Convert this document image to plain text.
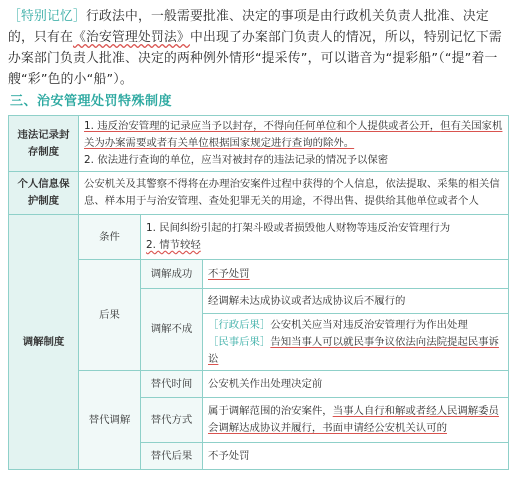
［特别记忆］行政法中，一般需要批准、决定的事项是由行政机关负责人批准、决定的，只有在《治安管理处罚法》中出现了办案部门负责人的情况，所以，特别记忆下需办案部门负责人批准、决定的两种例外情形“提采传”，可以谐音为“提彩船”（“提”着一艘“彩”色的小“船”）。
三、治安管理处罚特殊制度
违法记录封存制度	1. 违反治安管理的记录应当予以封存，不得向任何单位和个人提供或者公开，但有关国家机关为办案需要或者有关单位根据国家规定进行查询的除外。
2. 依法进行查询的单位，应当对被封存的违法记录的情况予以保密		

个人信息保护制度	公安机关及其警察不得将在办理治安案件过程中获得的个人信息，依法提取、采集的相关信息、样本用于与治安管理、查处犯罪无关的用途，不得出售、提供给其他单位或者个人		
调解制度	条件	1. 民间纠纷引起的打架斗殴或者损毁他人财物等违反治安管理行为
2. 情节较轻	

	后果	调解成功	不予处罚
		调解不成	经调解未达成协议或者达成协议后不履行的

			［行政后果］公安机关应当对违反治安管理行为作出处理
［民事后果］告知当事人可以就民事争议依法向法院提起民事诉讼

	替代调解	替代时间	公安机关作出处理决定前
		替代方式	属于调解范围的治安案件，当事人自行和解或者经人民调解委员会调解达成协议并履行，书面申请经公安机关认可的
		替代后果	不予处罚
